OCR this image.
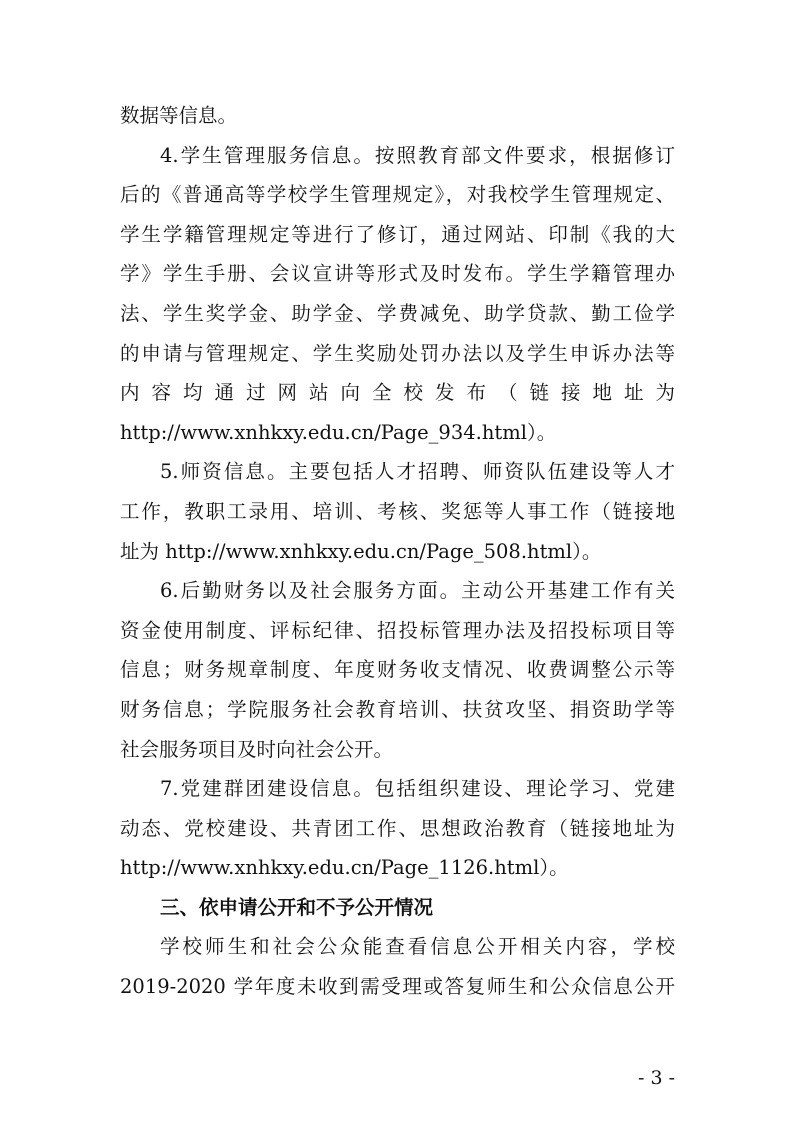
数据等信息。
4.学生管理服务信息。按照教育部文件要求，根据修订
后的《普通高等学校学生管理规定》，对我校学生管理规定、
学生学籍管理规定等进行了修订，通过网站、印制《我的大
学》学生手册、会议宣讲等形式及时发布。学生学籍管理办
法、学生奖学金、助学金、学费减免、助学贷款、勤工俭学
的申请与管理规定、学生奖励处罚办法以及学生申诉办法等
内容均通过网站向全校发布（链接地址为
http://www.xnhkxy.edu.cn/Page_934.html）。
5.师资信息。主要包括人才招聘、师资队伍建设等人才
工作，教职工录用、培训、考核、奖惩等人事工作（链接地
址为 http://www.xnhkxy.edu.cn/Page_508.html）。
6.后勤财务以及社会服务方面。主动公开基建工作有关
资金使用制度、评标纪律、招投标管理办法及招投标项目等
信息；财务规章制度、年度财务收支情况、收费调整公示等
财务信息；学院服务社会教育培训、扶贫攻坚、捐资助学等
社会服务项目及时向社会公开。
7.党建群团建设信息。包括组织建设、理论学习、党建
动态、党校建设、共青团工作、思想政治教育（链接地址为
http://www.xnhkxy.edu.cn/Page_1126.html）。
三、依申请公开和不予公开情况
学校师生和社会公众能查看信息公开相关内容，学校
2019-2020 学年度未收到需受理或答复师生和公众信息公开
- 3 -
